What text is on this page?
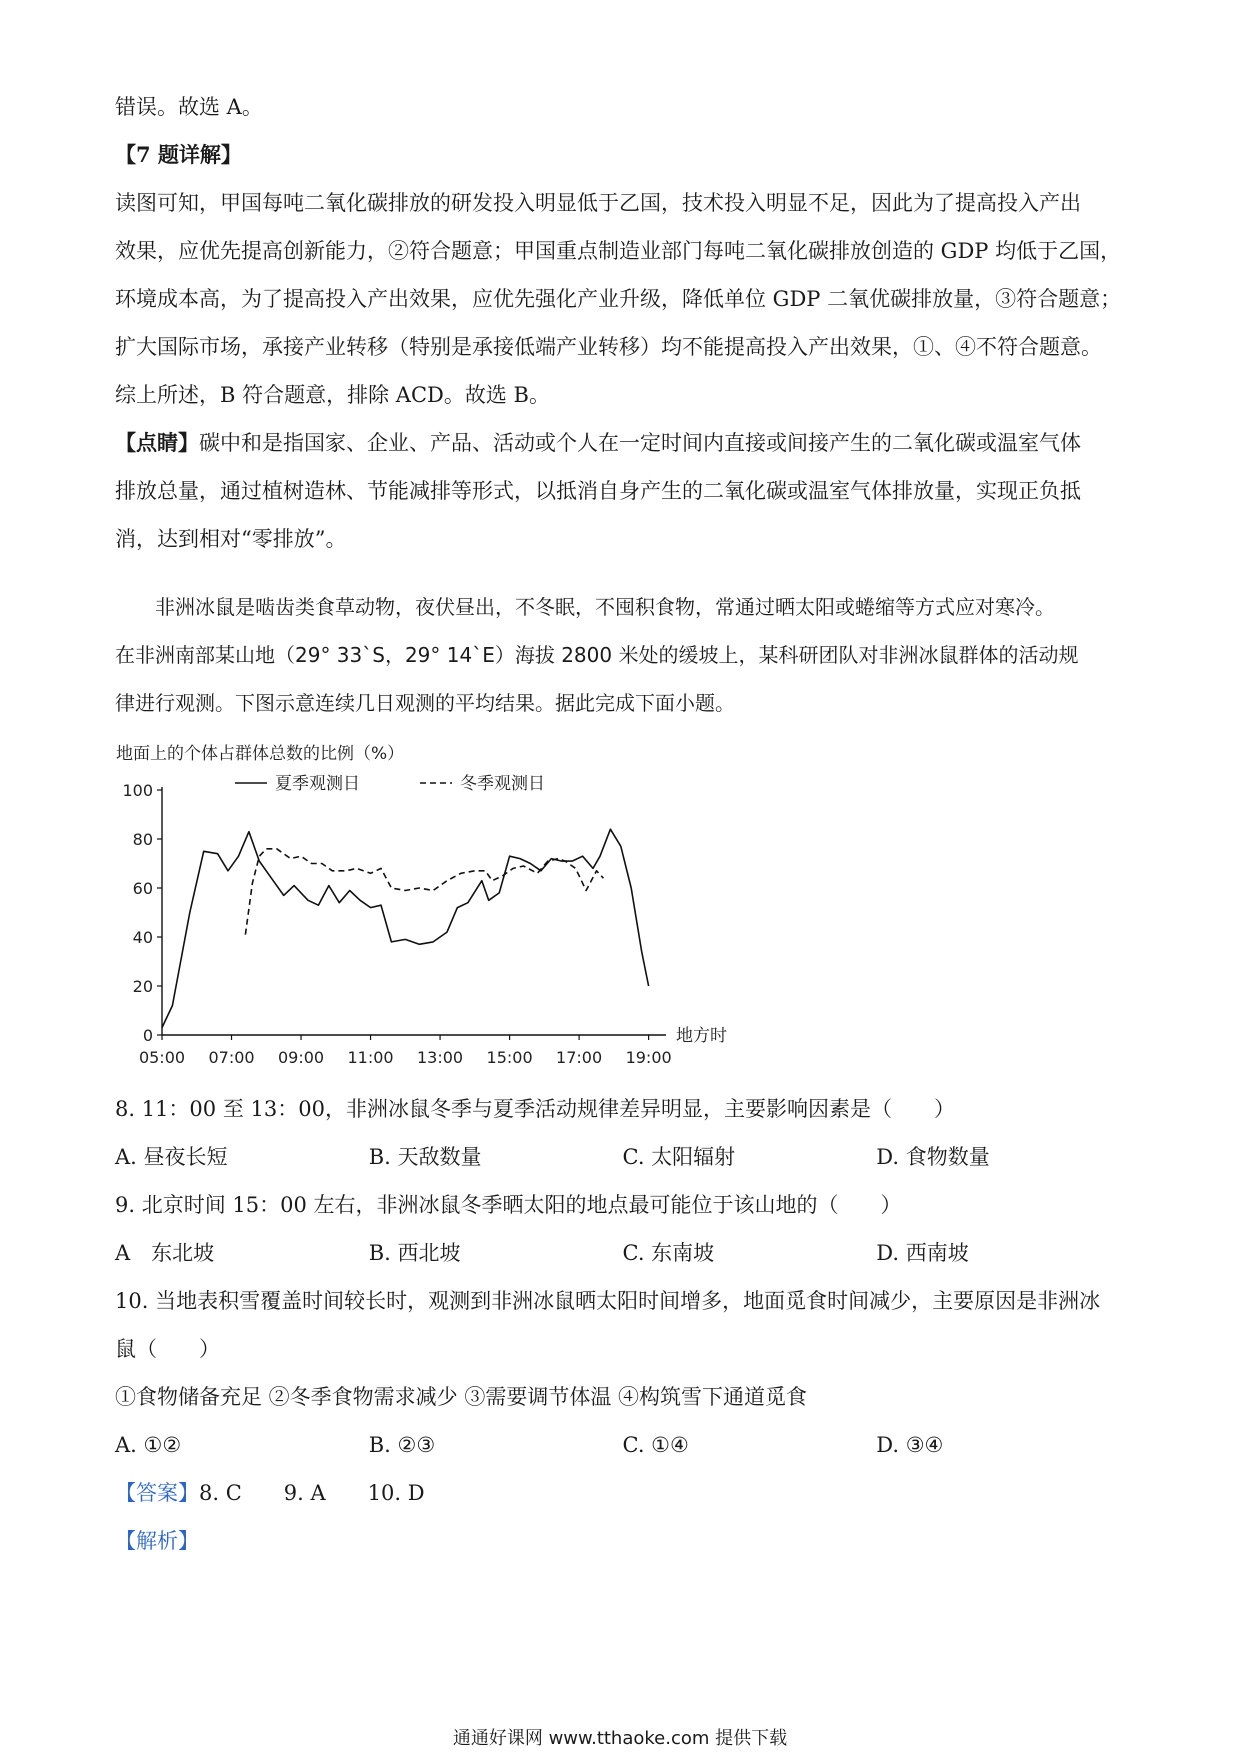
错误。故选 A。
【7 题详解】
读图可知，甲国每吨二氧化碳排放的研发投入明显低于乙国，技术投入明显不足，因此为了提高投入产出
效果，应优先提高创新能力，②符合题意；甲国重点制造业部门每吨二氧化碳排放创造的 GDP 均低于乙国，
环境成本高，为了提高投入产出效果，应优先强化产业升级，降低单位 GDP 二氧优碳排放量，③符合题意；
扩大国际市场，承接产业转移（特别是承接低端产业转移）均不能提高投入产出效果，①、④不符合题意。
综上所述，B 符合题意，排除 ACD。故选 B。
【点睛】碳中和是指国家、企业、产品、活动或个人在一定时间内直接或间接产生的二氧化碳或温室气体
排放总量，通过植树造林、节能减排等形式，以抵消自身产生的二氧化碳或温室气体排放量，实现正负抵
消，达到相对“零排放”。
非洲冰鼠是啮齿类食草动物，夜伏昼出，不冬眠，不囤积食物，常通过晒太阳或蜷缩等方式应对寒冷。
在非洲南部某山地（29° 33`S，29° 14`E）海拔 2800 米处的缓坡上，某科研团队对非洲冰鼠群体的活动规
律进行观测。下图示意连续几日观测的平均结果。据此完成下面小题。
地面上的个体占群体总数的比例（%）
0
20
40
60
80
100
05:00 07:00 09:00 11:00 13:00 15:00 17:00 19:00
地方时
夏季观测日	冬季观测日
8. 11：00 至 13：00，非洲冰鼠冬季与夏季活动规律差异明显，主要影响因素是（　　）
A. 昼夜长短	B. 天敌数量	C. 太阳辐射	D. 食物数量
9. 北京时间 15：00 左右，非洲冰鼠冬季晒太阳的地点最可能位于该山地的（　　）
A　东北坡	B. 西北坡	C. 东南坡	D. 西南坡
10. 当地表积雪覆盖时间较长时，观测到非洲冰鼠晒太阳时间增多，地面觅食时间减少，主要原因是非洲冰
鼠（　　）
①食物储备充足 ②冬季食物需求减少 ③需要调节体温 ④构筑雪下通道觅食
A. ①②	B. ②③	C. ①④	D. ③④
【答案】8. C　　9. A　　10. D
【解析】
通通好课网 www.tthaoke.com 提供下载
